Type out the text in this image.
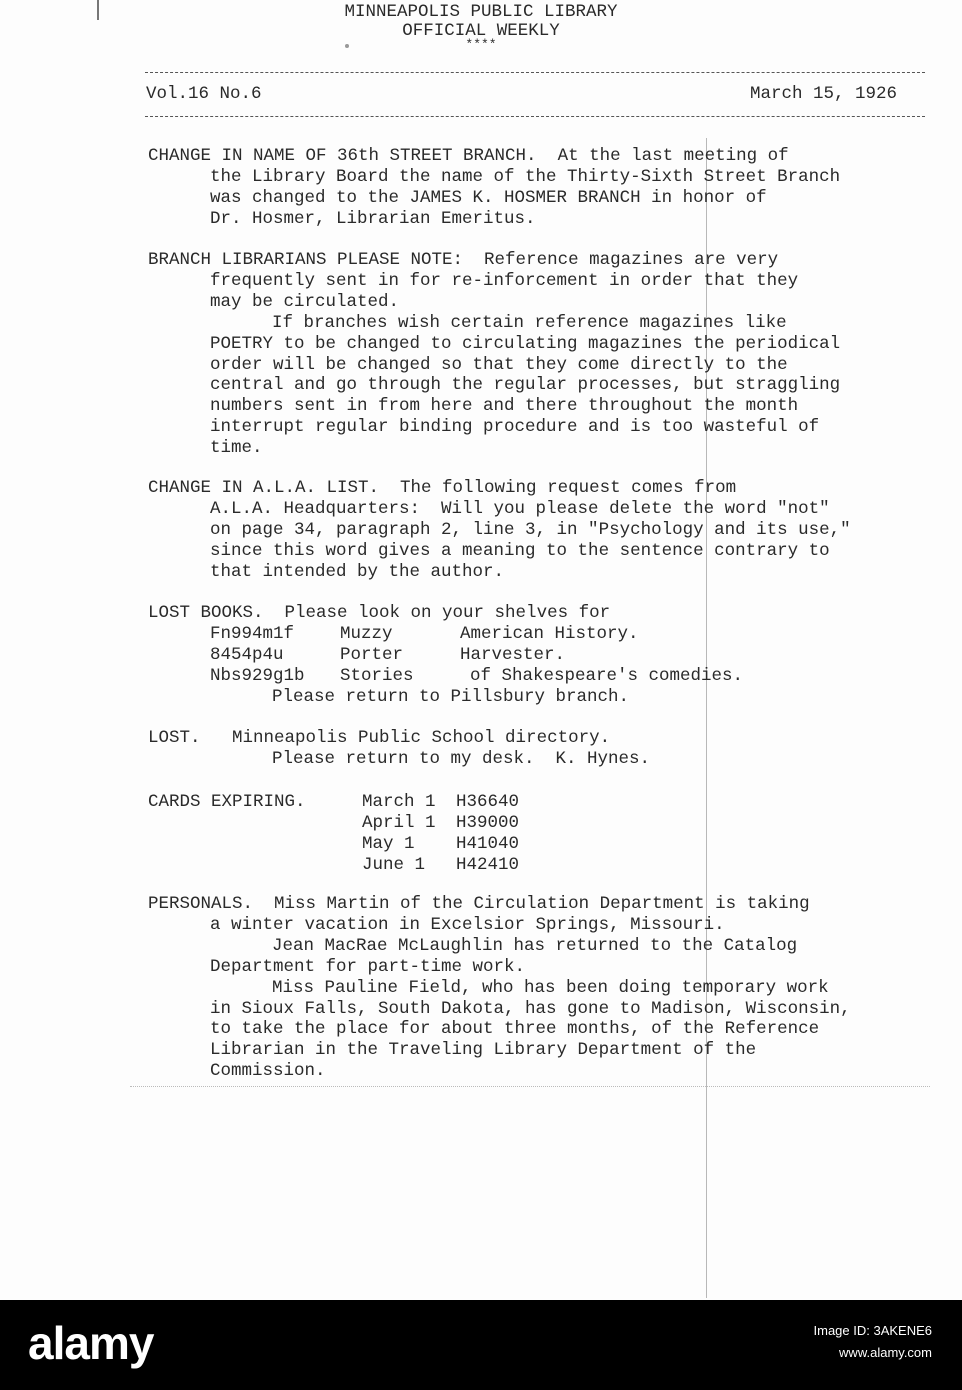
MINNEAPOLIS PUBLIC LIBRARY
OFFICIAL WEEKLY
****
Vol.16 No.6	March 15, 1926
CHANGE IN NAME OF 36th STREET BRANCH.  At the last meeting of
the Library Board the name of the Thirty-Sixth Street Branch
was changed to the JAMES K. HOSMER BRANCH in honor of
Dr. Hosmer, Librarian Emeritus.
BRANCH LIBRARIANS PLEASE NOTE:  Reference magazines are very
frequently sent in for re-inforcement in order that they
may be circulated.
If branches wish certain reference magazines like
POETRY to be changed to circulating magazines the periodical
order will be changed so that they come directly to the
central and go through the regular processes, but straggling
numbers sent in from here and there throughout the month
interrupt regular binding procedure and is too wasteful of
time.
CHANGE IN A.L.A. LIST.  The following request comes from
A.L.A. Headquarters:  Will you please delete the word "not"
on page 34, paragraph 2, line 3, in "Psychology and its use,"
since this word gives a meaning to the sentence contrary to
that intended by the author.
LOST BOOKS.  Please look on your shelves for
Fn994m1f	Muzzy	American History.
8454p4u	Porter	Harvester.
Nbs929g1b	Stories	of Shakespeare's comedies.
Please return to Pillsbury branch.
LOST.   Minneapolis Public School directory.
Please return to my desk.  K. Hynes.
CARDS EXPIRING.	March 1	H36640
April 1	H39000
May 1	H41040
June 1	H42410
PERSONALS.  Miss Martin of the Circulation Department is taking
a winter vacation in Excelsior Springs, Missouri.
Jean MacRae McLaughlin has returned to the Catalog
Department for part-time work.
Miss Pauline Field, who has been doing temporary work
in Sioux Falls, South Dakota, has gone to Madison, Wisconsin,
to take the place for about three months, of the Reference
Librarian in the Traveling Library Department of the
Commission.
alamy	Image ID: 3AKENE6
www.alamy.com
